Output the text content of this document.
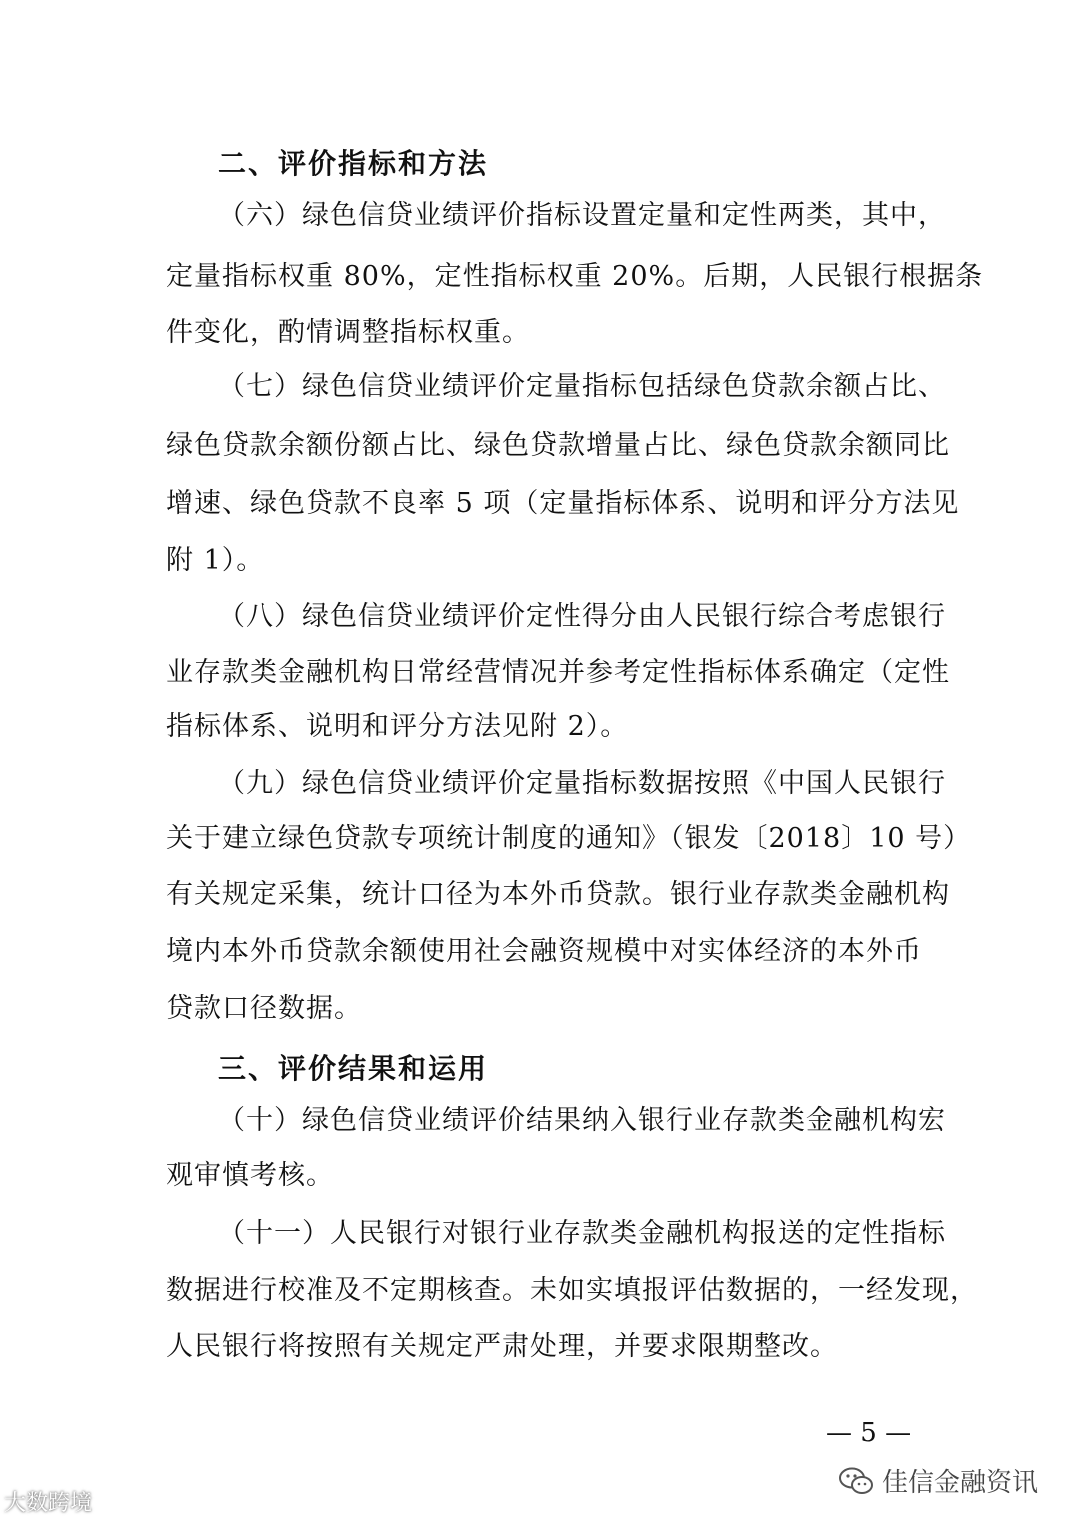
二、评价指标和方法
（六）绿色信贷业绩评价指标设置定量和定性两类，其中，
定量指标权重 80%，定性指标权重 20%。后期，人民银行根据条
件变化，酌情调整指标权重。
（七）绿色信贷业绩评价定量指标包括绿色贷款余额占比、
绿色贷款余额份额占比、绿色贷款增量占比、绿色贷款余额同比
增速、绿色贷款不良率 5 项（定量指标体系、说明和评分方法见
附 1）。
（八）绿色信贷业绩评价定性得分由人民银行综合考虑银行
业存款类金融机构日常经营情况并参考定性指标体系确定（定性
指标体系、说明和评分方法见附 2）。
（九）绿色信贷业绩评价定量指标数据按照《中国人民银行
关于建立绿色贷款专项统计制度的通知》（银发〔2018〕10 号）
有关规定采集，统计口径为本外币贷款。银行业存款类金融机构
境内本外币贷款余额使用社会融资规模中对实体经济的本外币
贷款口径数据。
三、评价结果和运用
（十）绿色信贷业绩评价结果纳入银行业存款类金融机构宏
观审慎考核。
（十一）人民银行对银行业存款类金融机构报送的定性指标
数据进行校准及不定期核查。未如实填报评估数据的，一经发现，
人民银行将按照有关规定严肃处理，并要求限期整改。
— 5 —
大数跨境
佳信金融资讯
